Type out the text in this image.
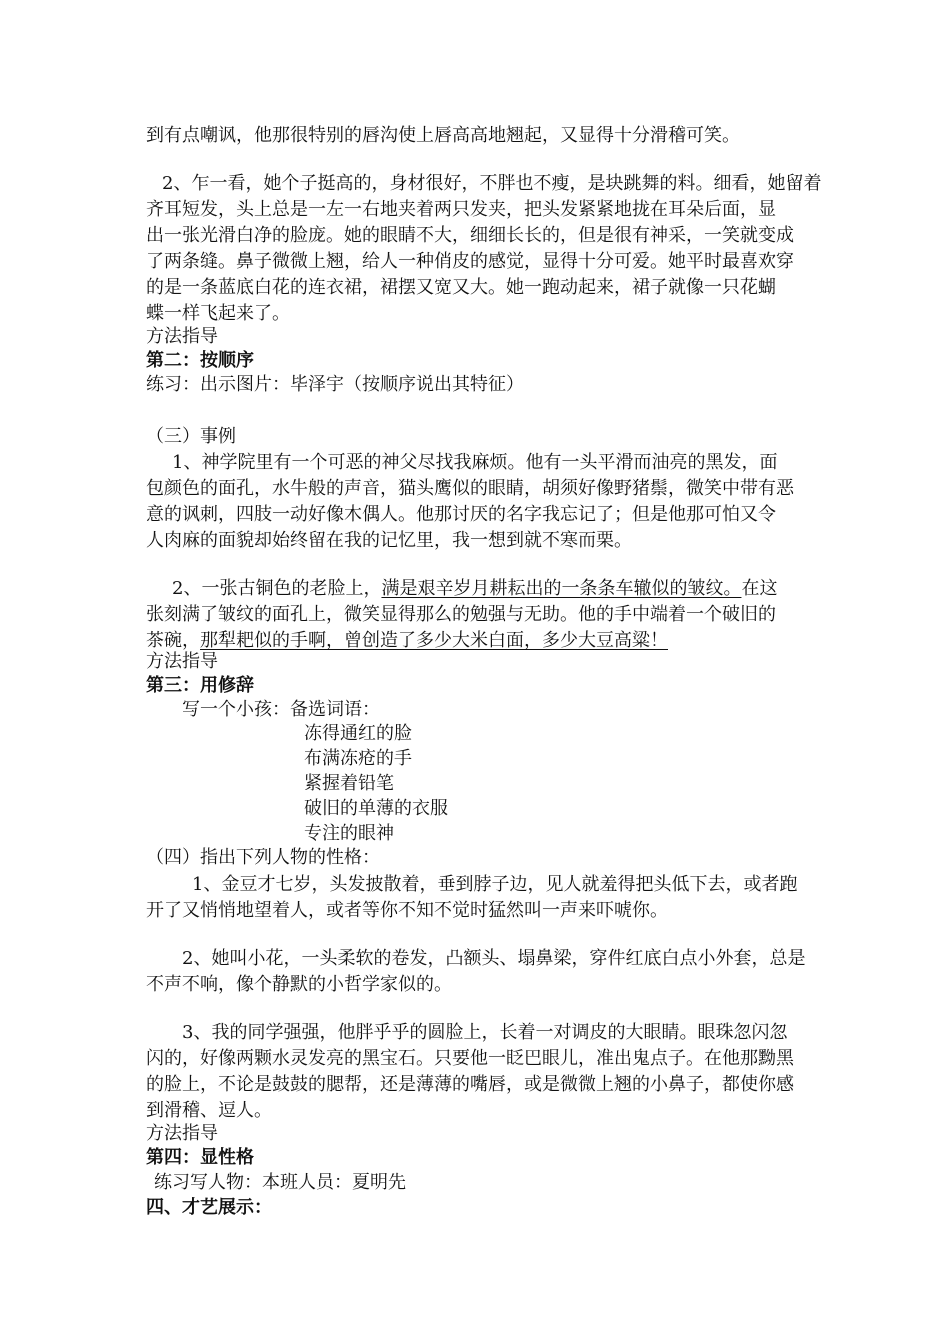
到有点嘲讽，他那很特别的唇沟使上唇高高地翘起，又显得十分滑稽可笑。
2、乍一看，她个子挺高的，身材很好，不胖也不瘦，是块跳舞的料。细看，她留着
齐耳短发，头上总是一左一右地夹着两只发夹，把头发紧紧地拢在耳朵后面，显
出一张光滑白净的脸庞。她的眼睛不大，细细长长的，但是很有神采，一笑就变成
了两条缝。鼻子微微上翘，给人一种俏皮的感觉，显得十分可爱。她平时最喜欢穿
的是一条蓝底白花的连衣裙，裙摆又宽又大。她一跑动起来，裙子就像一只花蝴
蝶一样飞起来了。
方法指导
第二：按顺序
练习：出示图片：毕泽宇（按顺序说出其特征）
（三）事例
1、神学院里有一个可恶的神父尽找我麻烦。他有一头平滑而油亮的黑发，面
包颜色的面孔，水牛般的声音，猫头鹰似的眼睛，胡须好像野猪鬃，微笑中带有恶
意的讽刺，四肢一动好像木偶人。他那讨厌的名字我忘记了；但是他那可怕又令
人肉麻的面貌却始终留在我的记忆里，我一想到就不寒而栗。
2、一张古铜色的老脸上，满是艰辛岁月耕耘出的一条条车辙似的皱纹。在这
张刻满了皱纹的面孔上，微笑显得那么的勉强与无助。他的手中端着一个破旧的
茶碗，那犁耙似的手啊，曾创造了多少大米白面，多少大豆高粱！
方法指导
第三：用修辞
写一个小孩：备选词语：
冻得通红的脸
布满冻疮的手
紧握着铅笔
破旧的单薄的衣服
专注的眼神
（四）指出下列人物的性格：
1、金豆才七岁，头发披散着，垂到脖子边，见人就羞得把头低下去，或者跑
开了又悄悄地望着人，或者等你不知不觉时猛然叫一声来吓唬你。
2、她叫小花，一头柔软的卷发，凸额头、塌鼻梁，穿件红底白点小外套，总是
不声不响，像个静默的小哲学家似的。
3、我的同学强强，他胖乎乎的圆脸上，长着一对调皮的大眼睛。眼珠忽闪忽
闪的，好像两颗水灵发亮的黑宝石。只要他一眨巴眼儿，准出鬼点子。在他那黝黑
的脸上，不论是鼓鼓的腮帮，还是薄薄的嘴唇，或是微微上翘的小鼻子，都使你感
到滑稽、逗人。
方法指导
第四：显性格
练习写人物：本班人员：夏明先
四、才艺展示：
